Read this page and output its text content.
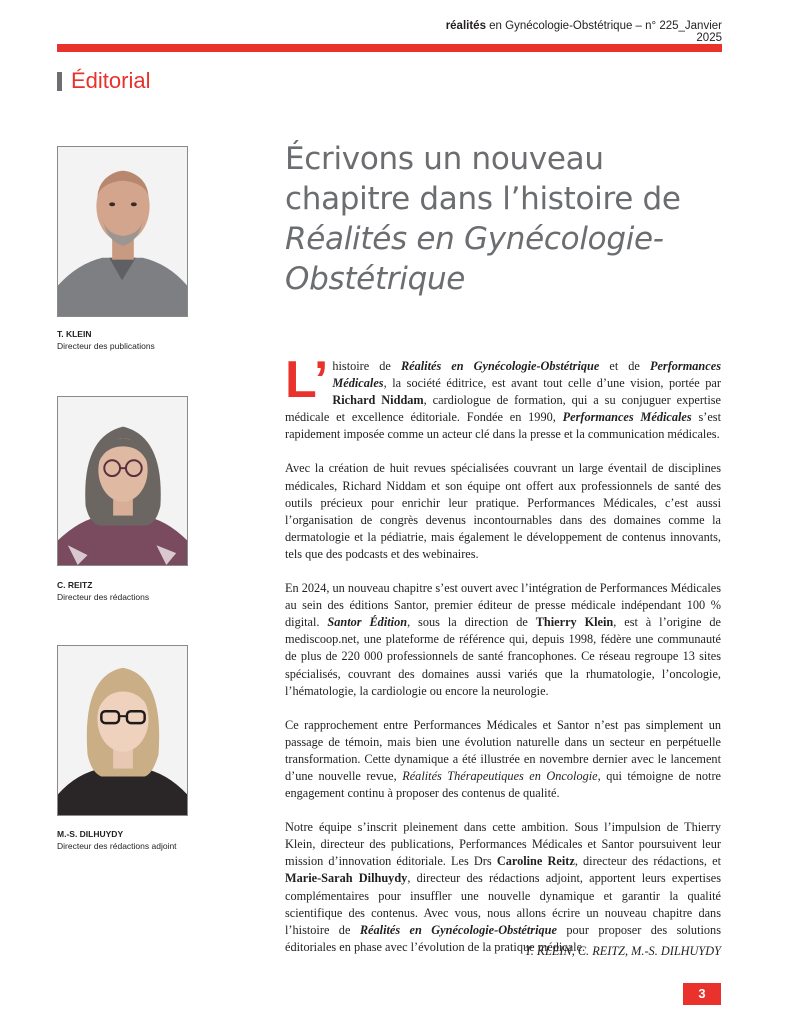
réalités en Gynécologie-Obstétrique – n° 225_Janvier 2025
Éditorial
T. KLEIN
Directeur des publications
C. REITZ
Directeur des rédactions
M.-S. DILHUYDY
Directeur des rédactions adjoint
Écrivons un nouveau chapitre dans l’histoire de Réalités en Gynécologie-Obstétrique

L’ histoire de Réalités en Gynécologie-Obstétrique et de Performances Médicales, la société éditrice, est avant tout celle d’une vision, portée par Richard Niddam, cardiologue de formation, qui a su conjuguer expertise médicale et excellence éditoriale. Fondée en 1990, Performances Médicales s’est rapidement imposée comme un acteur clé dans la presse et la communication médicales.

Avec la création de huit revues spécialisées couvrant un large éventail de disciplines médicales, Richard Niddam et son équipe ont offert aux professionnels de santé des outils précieux pour enrichir leur pratique. Performances Médicales, c’est aussi l’organisation de congrès devenus incontournables dans des domaines comme la dermatologie et la pédiatrie, mais également le développement de contenus innovants, tels que des podcasts et des webinaires.

En 2024, un nouveau chapitre s’est ouvert avec l’intégration de Performances Médicales au sein des éditions Santor, premier éditeur de presse médicale indépendant 100 % digital. Santor Édition, sous la direction de Thierry Klein, est à l’origine de mediscoop.net, une plateforme de référence qui, depuis 1998, fédère une communauté de plus de 220 000 professionnels de santé francophones. Ce réseau regroupe 13 sites spécialisés, couvrant des domaines aussi variés que la rhumatologie, l’oncologie, l’hématologie, la cardiologie ou encore la neurologie.

Ce rapprochement entre Performances Médicales et Santor n’est pas simplement un passage de témoin, mais bien une évolution naturelle dans un secteur en perpétuelle transformation. Cette dynamique a été illustrée en novembre dernier avec le lancement d’une nouvelle revue, Réalités Thérapeutiques en Oncologie, qui témoigne de notre engagement continu à proposer des contenus de qualité.

Notre équipe s’inscrit pleinement dans cette ambition. Sous l’impulsion de Thierry Klein, directeur des publications, Performances Médicales et Santor poursuivent leur mission d’innovation éditoriale. Les Drs Caroline Reitz, directeur des rédactions, et Marie-Sarah Dilhuydy, directeur des rédactions adjoint, apportent leurs expertises complémentaires pour insuffler une nouvelle dynamique et garantir la qualité scientifique des contenus. Avec vous, nous allons écrire un nouveau chapitre dans l’histoire de Réalités en Gynécologie-Obstétrique pour proposer des solutions éditoriales en phase avec l’évolution de la pratique médicale.

T. KLEIN, C. REITZ, M.-S. DILHUYDY
3
